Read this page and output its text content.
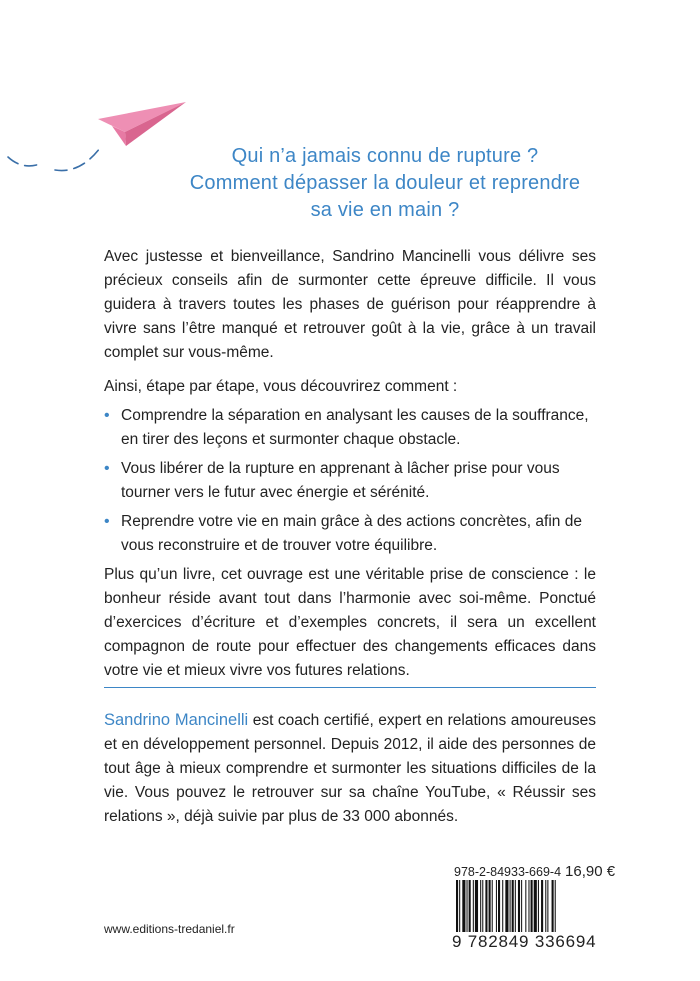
Qui n’a jamais connu de rupture ?
Comment dépasser la douleur et reprendre
sa vie en main ?
Avec justesse et bienveillance, Sandrino Mancinelli vous délivre ses précieux conseils afin de surmonter cette épreuve difficile. Il vous guidera à travers toutes les phases de guérison pour réapprendre à vivre sans l’être manqué et retrouver goût à la vie, grâce à un travail complet sur vous-même.
Ainsi, étape par étape, vous découvrirez comment :
• Comprendre la séparation en analysant les causes de la souffrance, en tirer des leçons et surmonter chaque obstacle.
• Vous libérer de la rupture en apprenant à lâcher prise pour vous tourner vers le futur avec énergie et sérénité.
• Reprendre votre vie en main grâce à des actions concrètes, afin de vous reconstruire et de trouver votre équilibre.
Plus qu’un livre, cet ouvrage est une véritable prise de conscience : le bonheur réside avant tout dans l’harmonie avec soi-même. Ponctué d’exercices d’écriture et d’exemples concrets, il sera un excellent compagnon de route pour effectuer des changements efficaces dans votre vie et mieux vivre vos futures relations.
Sandrino Mancinelli est coach certifié, expert en relations amoureuses et en développement personnel. Depuis 2012, il aide des personnes de tout âge à mieux comprendre et surmonter les situations difficiles de la vie. Vous pouvez le retrouver sur sa chaîne YouTube, « Réussir ses relations », déjà suivie par plus de 33 000 abonnés.
978-2-84933-669-4 16,90 €
9 782849 336694
www.editions-tredaniel.fr
